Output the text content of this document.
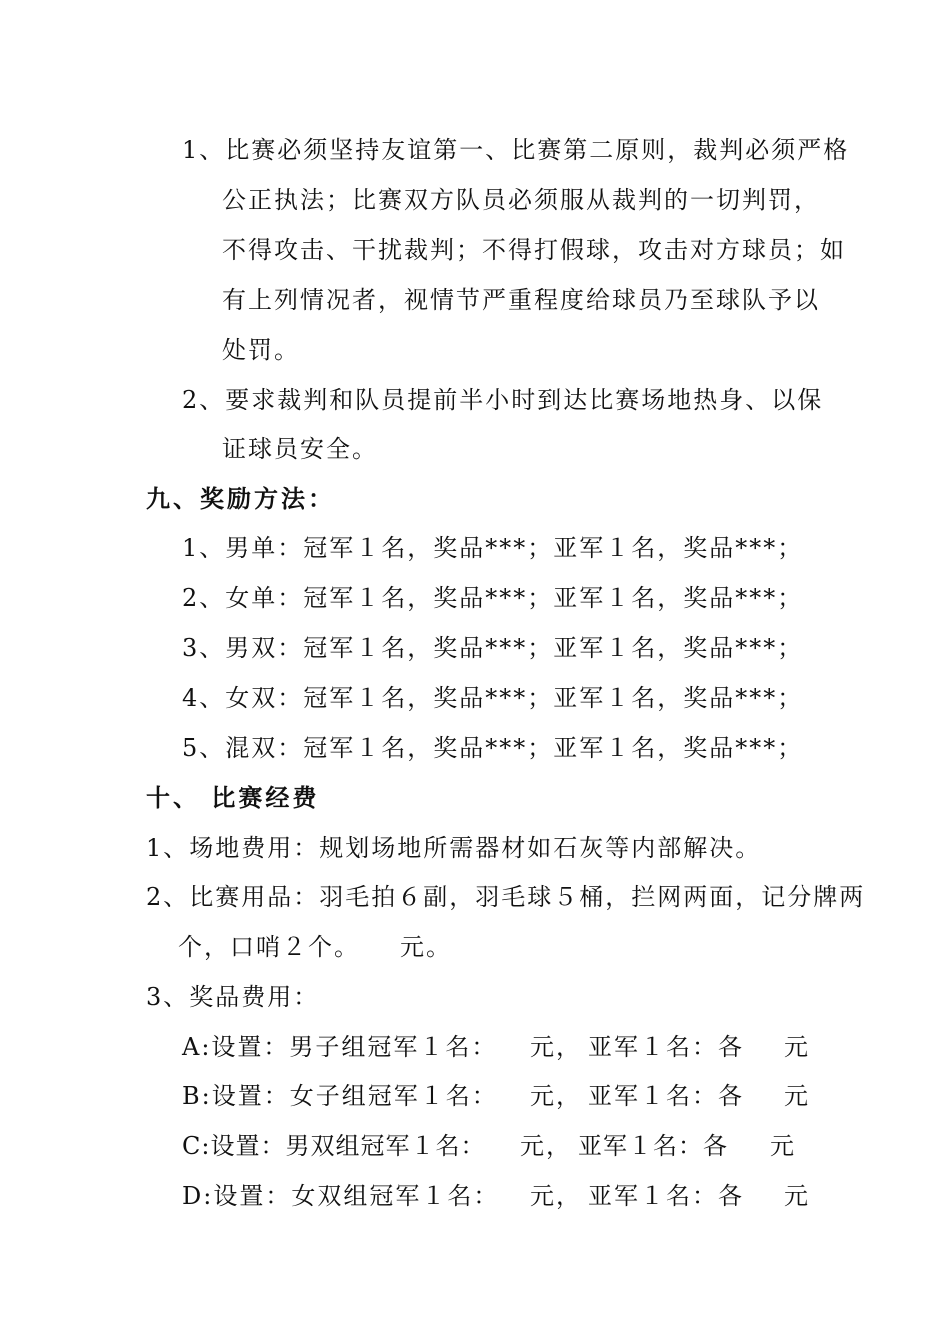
1、比赛必须坚持友谊第一、比赛第二原则，裁判必须严格
公正执法；比赛双方队员必须服从裁判的一切判罚，
不得攻击、干扰裁判；不得打假球，攻击对方球员；如
有上列情况者，视情节严重程度给球员乃至球队予以
处罚。
2、要求裁判和队员提前半小时到达比赛场地热身、以保
证球员安全。
九、奖励方法：
1、男单：冠军１名，奖品***；亚军１名，奖品***；
2、女单：冠军１名，奖品***；亚军１名，奖品***；
3、男双：冠军１名，奖品***；亚军１名，奖品***；
4、女双：冠军１名，奖品***；亚军１名，奖品***；
5、混双：冠军１名，奖品***；亚军１名，奖品***；
十、 比赛经费
1、场地费用：规划场地所需器材如石灰等内部解决。
2、比赛用品：羽毛拍６副，羽毛球５桶，拦网两面，记分牌两
个，口哨２个。　　元。
3、奖品费用：
A:设置：男子组冠军１名： 元， 亚军１名：各 元
B:设置：女子组冠军１名： 元， 亚军１名：各 元
C:设置：男双组冠军１名： 元， 亚军１名：各 元
D:设置：女双组冠军１名： 元， 亚军１名：各 元
